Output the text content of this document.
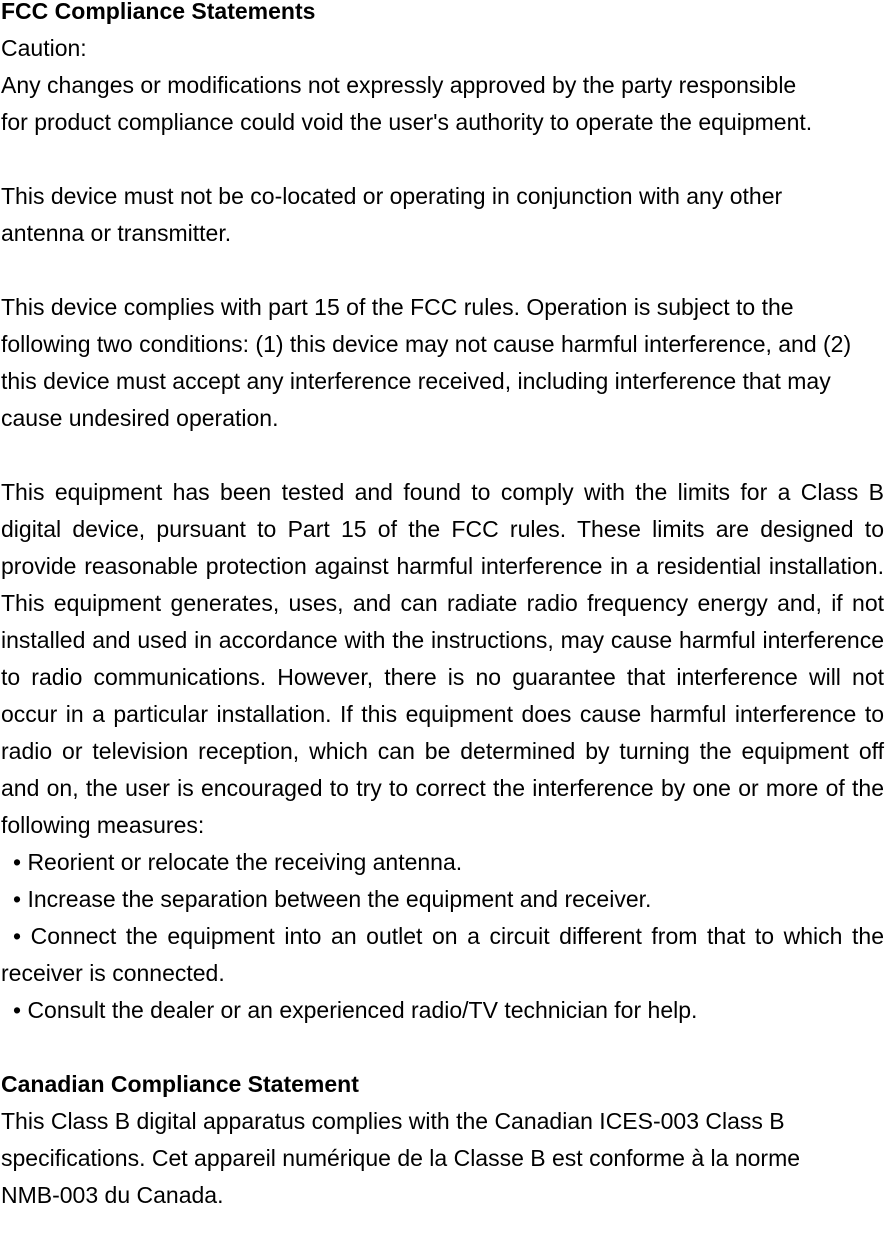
FCC Compliance Statements

Caution:

Any changes or modifications not expressly approved by the party responsible

for product compliance could void the user's authority to operate the equipment.

This device must not be co-located or operating in conjunction with any other

antenna or transmitter.

This device complies with part 15 of the FCC rules. Operation is subject to the following two conditions: (1) this device may not cause harmful interference, and (2) this device must accept any interference received, including interference that may cause undesired operation.

This equipment has been tested and found to comply with the limits for a Class B digital device, pursuant to Part 15 of the FCC rules. These limits are designed to provide reasonable protection against harmful interference in a residential installation. This equipment generates, uses, and can radiate radio frequency energy and, if not installed and used in accordance with the instructions, may cause harmful interference to radio communications. However, there is no guarantee that interference will not occur in a particular installation. If this equipment does cause harmful interference to radio or television reception, which can be determined by turning the equipment off and on, the user is encouraged to try to correct the interference by one or more of the following measures:

• Reorient or relocate the receiving antenna.

• Increase the separation between the equipment and receiver.

• Connect the equipment into an outlet on a circuit different from that to which the receiver is connected.

• Consult the dealer or an experienced radio/TV technician for help.

Canadian Compliance Statement

This Class B digital apparatus complies with the Canadian ICES-003 Class B

specifications. Cet appareil numérique de la Classe B est conforme à la norme

NMB-003 du Canada.
